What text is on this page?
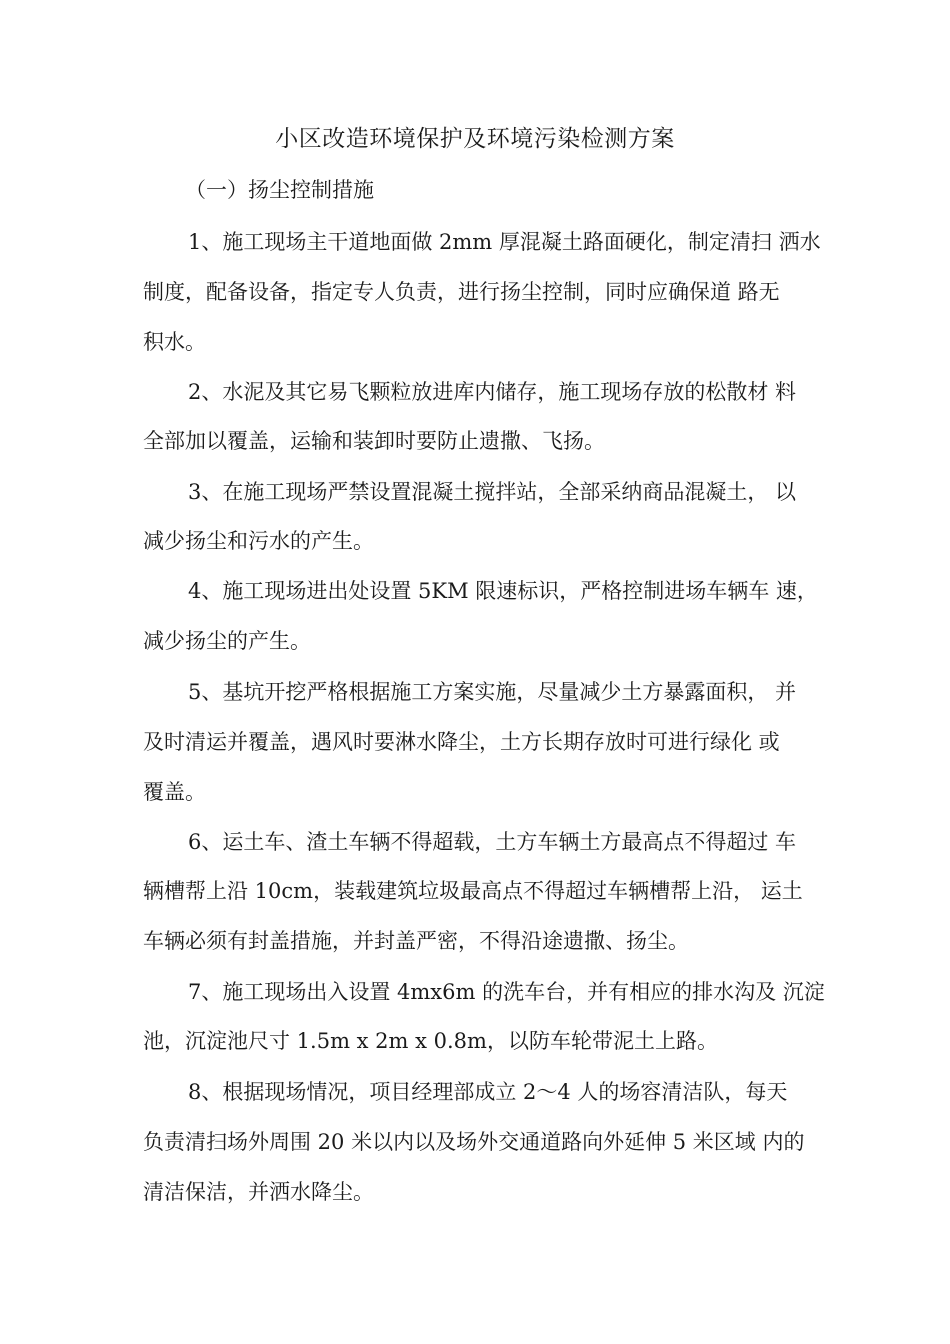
小区改造环境保护及环境污染检测方案
（一）扬尘控制措施
1、施工现场主干道地面做 2mm 厚混凝土路面硬化，制定清扫 洒水
制度，配备设备，指定专人负责，进行扬尘控制，同时应确保道 路无
积水。
2、水泥及其它易飞颗粒放进库内储存，施工现场存放的松散材 料
全部加以覆盖，运输和装卸时要防止遗撒、飞扬。
3、在施工现场严禁设置混凝土搅拌站，全部采纳商品混凝土， 以
减少扬尘和污水的产生。
4、施工现场进出处设置 5KM 限速标识，严格控制进场车辆车 速，
减少扬尘的产生。
5、基坑开挖严格根据施工方案实施，尽量减少土方暴露面积， 并
及时清运并覆盖，遇风时要淋水降尘，土方长期存放时可进行绿化 或
覆盖。
6、运土车、渣土车辆不得超载，土方车辆土方最高点不得超过 车
辆槽帮上沿 10cm，装载建筑垃圾最高点不得超过车辆槽帮上沿， 运土
车辆必须有封盖措施，并封盖严密，不得沿途遗撒、扬尘。
7、施工现场出入设置 4mx6m 的洗车台，并有相应的排水沟及 沉淀
池，沉淀池尺寸 1.5m x 2m x 0.8m，以防车轮带泥土上路。
8、根据现场情况，项目经理部成立 2〜4 人的场容清洁队，每天
负责清扫场外周围 20 米以内以及场外交通道路向外延伸 5 米区域 内的
清洁保洁，并洒水降尘。
